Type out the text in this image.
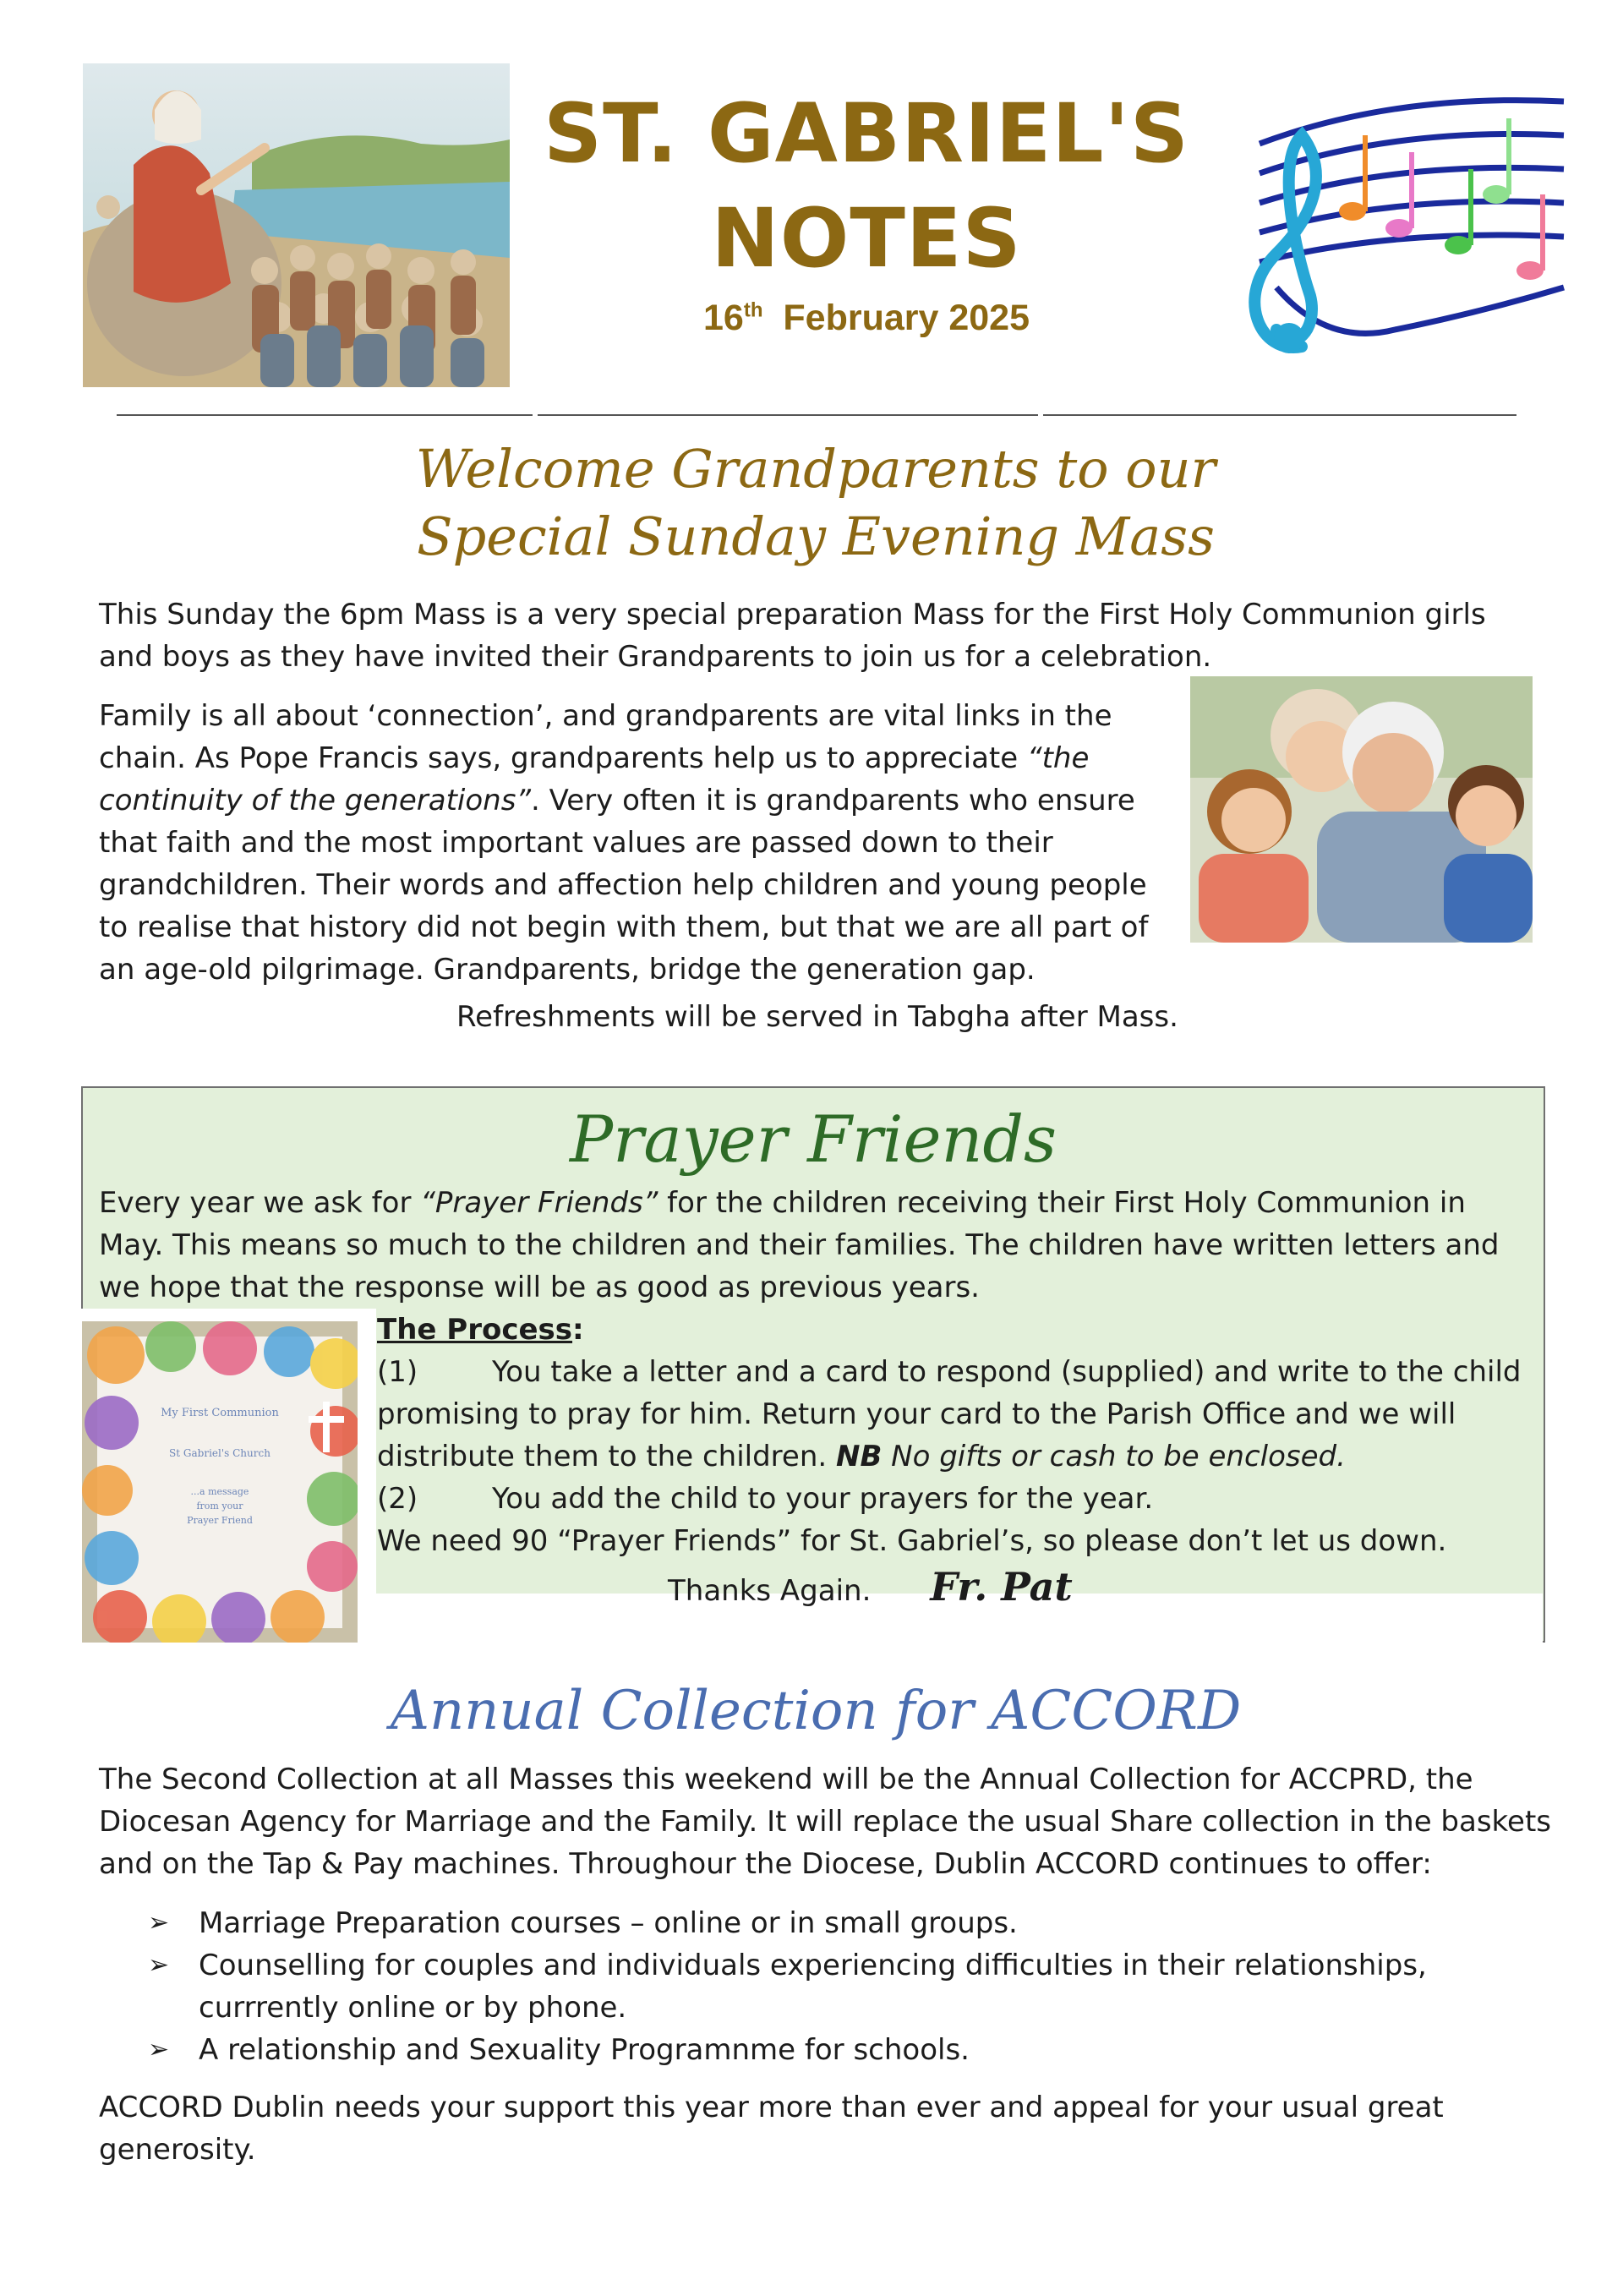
ST. GABRIEL'S
NOTES
16th February 2025
Welcome Grandparents to our
Special Sunday Evening Mass

This Sunday the 6pm Mass is a very special preparation Mass for the First Holy Communion girls and boys as they have invited their Grandparents to join us for a celebration.

Family is all about ‘connection’, and grandparents are vital links in the chain. As Pope Francis says, grandparents help us to appreciate “the continuity of the generations”. Very often it is grandparents who ensure that faith and the most important values are passed down to their grandchildren. Their words and affection help children and young people to realise that history did not begin with them, but that we are all part of an age-old pilgrimage. Grandparents, bridge the generation gap.

Refreshments will be served in Tabgha after Mass.

Prayer Friends

Every year we ask for “Prayer Friends” for the children receiving their First Holy Communion in May. This means so much to the children and their families. The children have written letters and we hope that the response will be as good as previous years.

My First Communion
St Gabriel's Church
...a message
from your
Prayer Friend
The Process:
(1)	You take a letter and a card to respond (supplied) and write to the child promising to pray for him. Return your card to the Parish Office and we will distribute them to the children. NB No gifts or cash to be enclosed.
(2)	You add the child to your prayers for the year.
We need 90 “Prayer Friends” for St. Gabriel’s, so please don’t let us down.
Thanks Again. Fr. Pat
Annual Collection for ACCORD

The Second Collection at all Masses this weekend will be the Annual Collection for ACCPRD, the Diocesan Agency for Marriage and the Family. It will replace the usual Share collection in the baskets and on the Tap & Pay machines. Throughour the Diocese, Dublin ACCORD continues to offer:

➢ Marriage Preparation courses – online or in small groups.
➢ Counselling for couples and individuals experiencing difficulties in their relationships, currrently online or by phone.
➢ A relationship and Sexuality Programnme for schools.

ACCORD Dublin needs your support this year more than ever and appeal for your usual great generosity.
